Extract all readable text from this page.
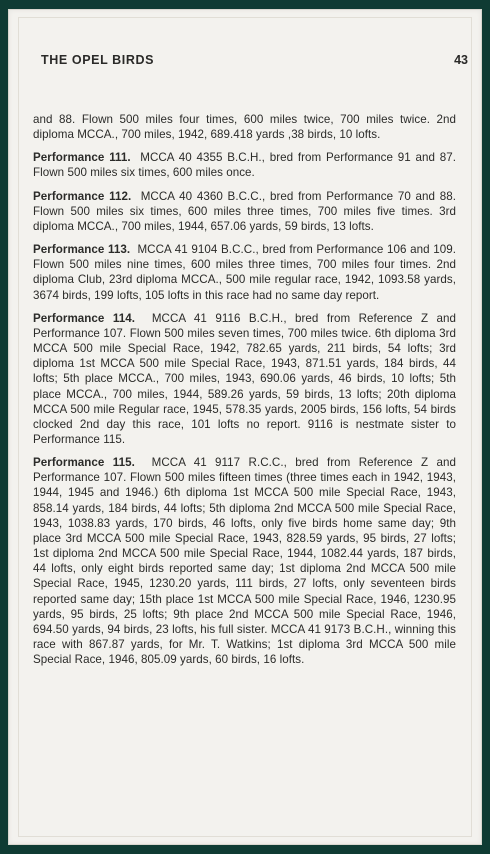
THE OPEL BIRDS	43

and 88. Flown 500 miles four times, 600 miles twice, 700 miles twice. 2nd diploma MCCA., 700 miles, 1942, 689.418 yards ,38 birds, 10 lofts.

Performance 111. MCCA 40 4355 B.C.H., bred from Performance 91 and 87. Flown 500 miles six times, 600 miles once.

Performance 112. MCCA 40 4360 B.C.C., bred from Performance 70 and 88. Flown 500 miles six times, 600 miles three times, 700 miles five times. 3rd diploma MCCA., 700 miles, 1944, 657.06 yards, 59 birds, 13 lofts.

Performance 113. MCCA 41 9104 B.C.C., bred from Performance 106 and 109. Flown 500 miles nine times, 600 miles three times, 700 miles four times. 2nd diploma Club, 23rd diploma MCCA., 500 mile regular race, 1942, 1093.58 yards, 3674 birds, 199 lofts, 105 lofts in this race had no same day report.

Performance 114. MCCA 41 9116 B.C.H., bred from Reference Z and Performance 107. Flown 500 miles seven times, 700 miles twice. 6th diploma 3rd MCCA 500 mile Special Race, 1942, 782.65 yards, 211 birds, 54 lofts; 3rd diploma 1st MCCA 500 mile Special Race, 1943, 871.51 yards, 184 birds, 44 lofts; 5th place MCCA., 700 miles, 1943, 690.06 yards, 46 birds, 10 lofts; 5th place MCCA., 700 miles, 1944, 589.26 yards, 59 birds, 13 lofts; 20th diploma MCCA 500 mile Regular race, 1945, 578.35 yards, 2005 birds, 156 lofts, 54 birds clocked 2nd day this race, 101 lofts no report. 9116 is nestmate sister to Performance 115.

Performance 115. MCCA 41 9117 R.C.C., bred from Reference Z and Performance 107. Flown 500 miles fifteen times (three times each in 1942, 1943, 1944, 1945 and 1946.) 6th diploma 1st MCCA 500 mile Special Race, 1943, 858.14 yards, 184 birds, 44 lofts; 5th diploma 2nd MCCA 500 mile Special Race, 1943, 1038.83 yards, 170 birds, 46 lofts, only five birds home same day; 9th place 3rd MCCA 500 mile Special Race, 1943, 828.59 yards, 95 birds, 27 lofts; 1st diploma 2nd MCCA 500 mile Special Race, 1944, 1082.44 yards, 187 birds, 44 lofts, only eight birds reported same day; 1st diploma 2nd MCCA 500 mile Special Race, 1945, 1230.20 yards, 111 birds, 27 lofts, only seventeen birds reported same day; 15th place 1st MCCA 500 mile Special Race, 1946, 1230.95 yards, 95 birds, 25 lofts; 9th place 2nd MCCA 500 mile Special Race, 1946, 694.50 yards, 94 birds, 23 lofts, his full sister. MCCA 41 9173 B.C.H., winning this race with 867.87 yards, for Mr. T. Watkins; 1st diploma 3rd MCCA 500 mile Special Race, 1946, 805.09 yards, 60 birds, 16 lofts.
